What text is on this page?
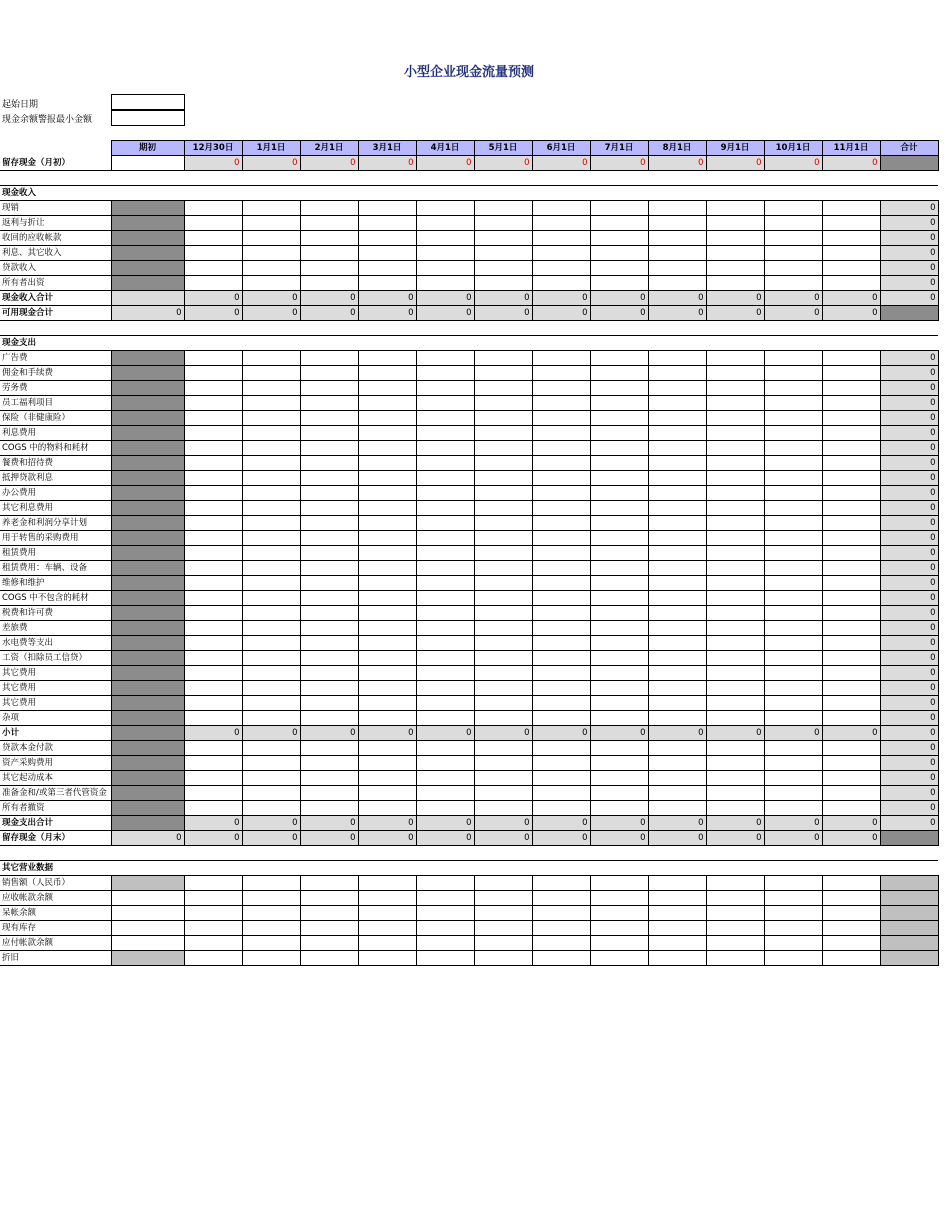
小型企业现金流量预测
起始日期
现金余额警报最小金额
	期初	12月30日	1月1日	2月1日	3月1日	4月1日	5月1日	6月1日	7月1日	8月1日	9月1日	10月1日	11月1日	合计
留存现金（月初）		0	0	0	0	0	0	0	0	0	0	0	0	

现金收入														
现销														0
返利与折让														0
收回的应收帐款														0
利息、其它收入														0
贷款收入														0
所有者出资														0
现金收入合计		0	0	0	0	0	0	0	0	0	0	0	0	0
可用现金合计	0	0	0	0	0	0	0	0	0	0	0	0	0	

现金支出														
广告费														0
佣金和手续费														0
劳务费														0
员工福利项目														0
保险（非健康险）														0
利息费用														0
COGS 中的物料和耗材														0
餐费和招待费														0
抵押贷款利息														0
办公费用														0
其它利息费用														0
养老金和利润分享计划														0
用于转售的采购费用														0
租赁费用														0
租赁费用：车辆、设备														0
维修和维护														0
COGS 中不包含的耗材														0
税费和许可费														0
差旅费														0
水电费等支出														0
工资（扣除员工信贷）														0
其它费用														0
其它费用														0
其它费用														0
杂项														0
小计		0	0	0	0	0	0	0	0	0	0	0	0	0
贷款本金付款														0
资产采购费用														0
其它起动成本														0
准备金和/或第三者代管资金														0
所有者撤资														0
现金支出合计		0	0	0	0	0	0	0	0	0	0	0	0	0
留存现金（月末）	0	0	0	0	0	0	0	0	0	0	0	0	0	

其它营业数据														
销售额（人民币）														
应收帐款余额														
呆帐余额														
现有库存														
应付帐款余额														
折旧														
